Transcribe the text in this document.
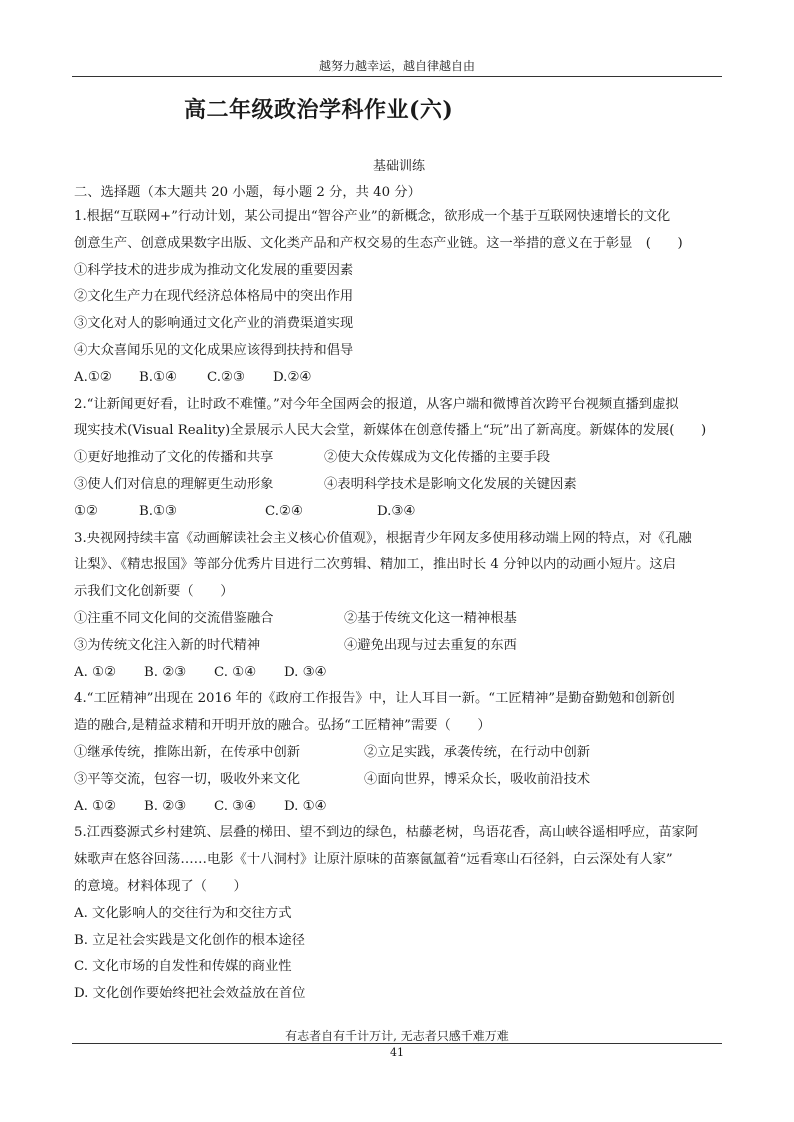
越努力越幸运，越自律越自由
高二年级政治学科作业(六)
基础训练
二、选择题（本大题共 20 小题，每小题 2 分，共 40 分）
1.根据“互联网+”行动计划，某公司提出“智谷产业”的新概念，欲形成一个基于互联网快速增长的文化
创意生产、创意成果数字出版、文化类产品和产权交易的生态产业链。这一举措的意义在于彰显　(　　)
①科学技术的进步成为推动文化发展的重要因素
②文化生产力在现代经济总体格局中的突出作用
③文化对人的影响通过文化产业的消费渠道实现
④大众喜闻乐见的文化成果应该得到扶持和倡导
A.①②	B.①④	C.②③	D.②④
2.“让新闻更好看，让时政不难懂。”对今年全国两会的报道，从客户端和微博首次跨平台视频直播到虚拟
现实技术(Visual Reality)全景展示人民大会堂，新媒体在创意传播上“玩”出了新高度。新媒体的发展(　　)
①更好地推动了文化的传播和共享	②使大众传媒成为文化传播的主要手段
③使人们对信息的理解更生动形象	④表明科学技术是影响文化发展的关键因素
①②	B.①③	C.②④	D.③④
3.央视网持续丰富《动画解读社会主义核心价值观》，根据青少年网友多使用移动端上网的特点，对《孔融
让梨》、《精忠报国》等部分优秀片目进行二次剪辑、精加工，推出时长 4 分钟以内的动画小短片。这启
示我们文化创新要（　　）
①注重不同文化间的交流借鉴融合	②基于传统文化这一精神根基
③为传统文化注入新的时代精神	④避免出现与过去重复的东西
A. ①②	B. ②③	C. ①④	D. ③④
4.“工匠精神”出现在 2016 年的《政府工作报告》中，让人耳目一新。“工匠精神”是勤奋勤勉和创新创
造的融合,是精益求精和开明开放的融合。弘扬“工匠精神”需要（　　）
①继承传统，推陈出新，在传承中创新	②立足实践，承袭传统，在行动中创新
③平等交流，包容一切，吸收外来文化	④面向世界，博采众长，吸收前沿技术
A. ①②	B. ②③	C. ③④	D. ①④
5.江西婺源式乡村建筑、层叠的梯田、望不到边的绿色，枯藤老树，鸟语花香，高山峡谷遥相呼应，苗家阿
妹歌声在悠谷回荡……电影《十八洞村》让原汁原味的苗寨氤氲着“远看寒山石径斜，白云深处有人家”
的意境。材料体现了（　　）
A. 文化影响人的交往行为和交往方式
B. 立足社会实践是文化创作的根本途径
C. 文化市场的自发性和传媒的商业性
D. 文化创作要始终把社会效益放在首位
有志者自有千计万计, 无志者只感千难万难
41
